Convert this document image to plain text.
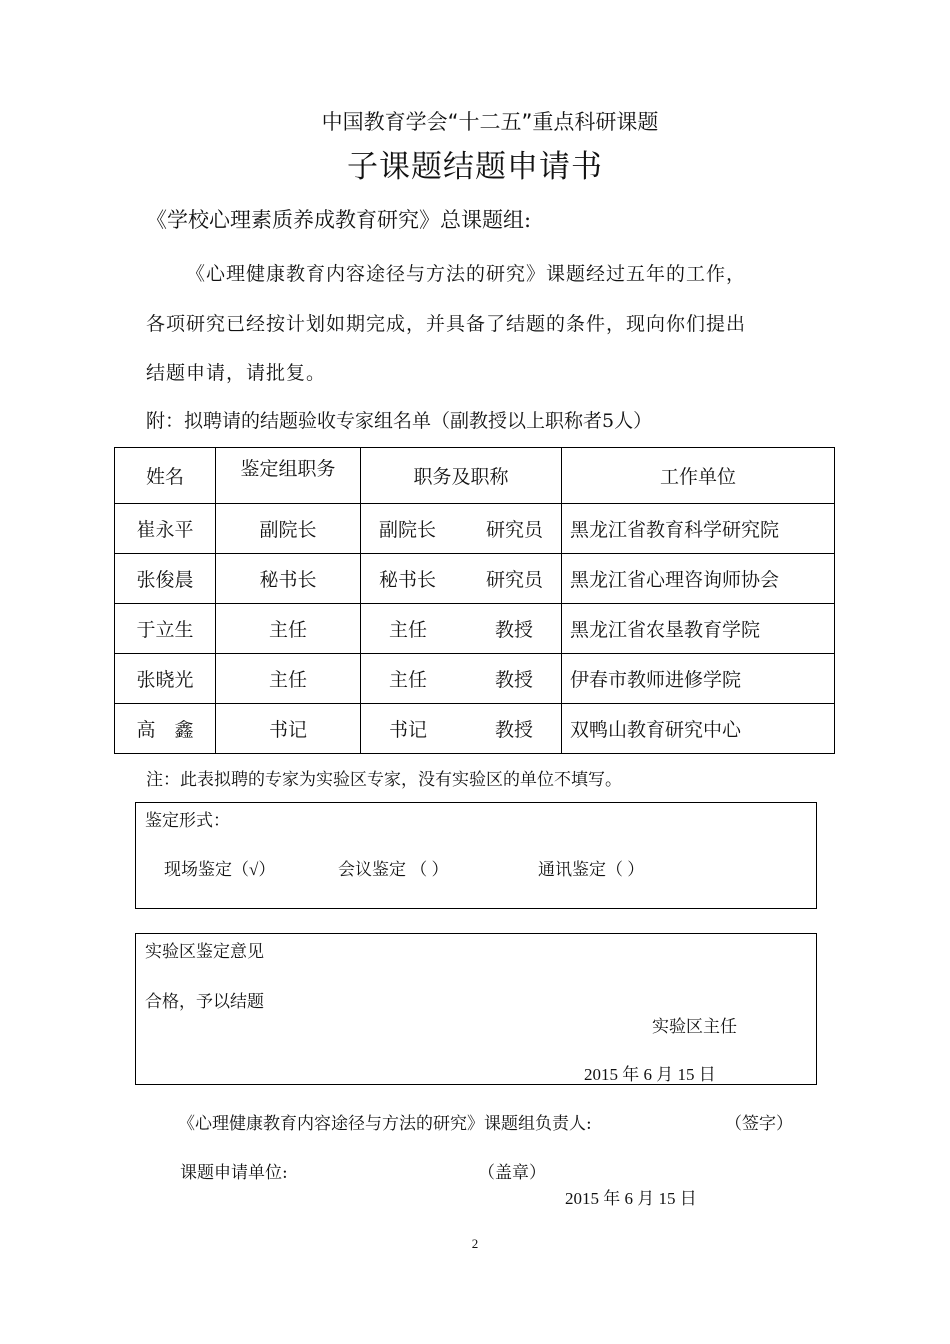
中国教育学会“十二五”重点科研课题
子课题结题申请书
《学校心理素质养成教育研究》总课题组:
《心理健康教育内容途径与方法的研究》课题经过五年的工作，
各项研究已经按计划如期完成，并具备了结题的条件，现向你们提出
结题申请，请批复。
附：拟聘请的结题验收专家组名单（副教授以上职称者5人）
姓名	鉴定组职务	职务及职称	工作单位
崔永平	副院长	副院长 研究员	黑龙江省教育科学研究院
张俊晨	秘书长	秘书长 研究员	黑龙江省心理咨询师协会
于立生	主任	主任 教授	黑龙江省农垦教育学院
张晓光	主任	主任 教授	伊春市教师进修学院
高　鑫	书记	书记 教授	双鸭山教育研究中心
注：此表拟聘的专家为实验区专家，没有实验区的单位不填写。
鉴定形式：
现场鉴定（√）	会议鉴定 （ ）	通讯鉴定（ ）
实验区鉴定意见
合格，予以结题
实验区主任
2015 年 6 月 15 日
《心理健康教育内容途径与方法的研究》课题组负责人:	（签字）
课题申请单位:	（盖章）
2015 年 6 月 15 日
2
